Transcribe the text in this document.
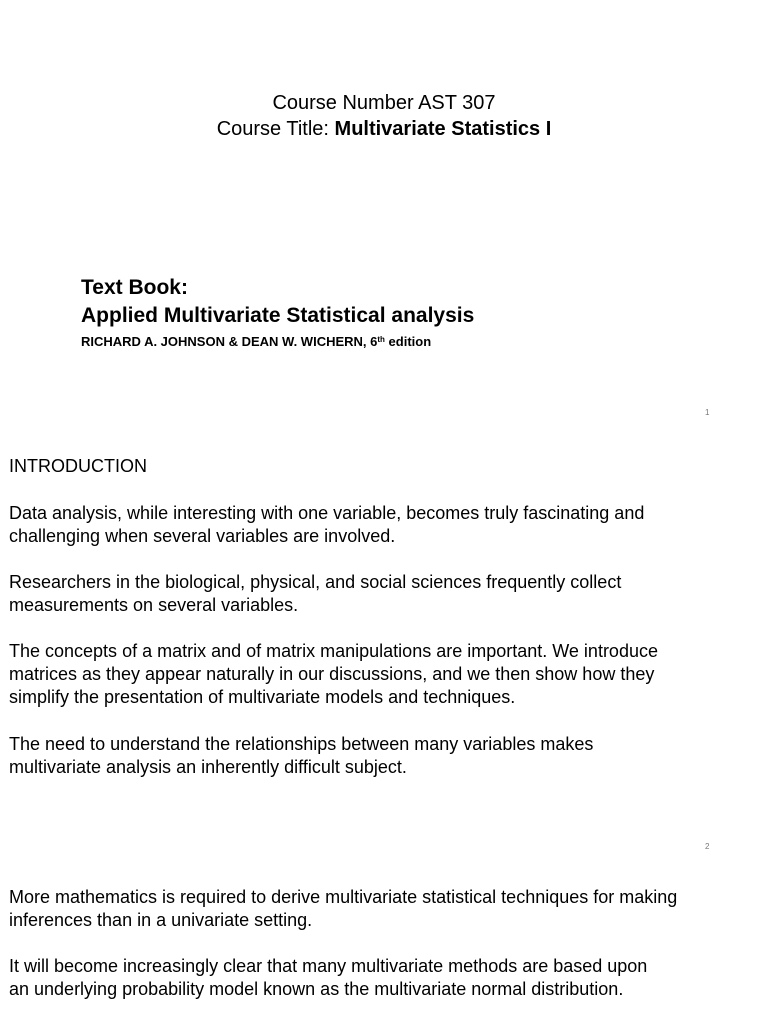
Course Number AST 307
Course Title: Multivariate Statistics I
Text Book:
Applied Multivariate Statistical analysis
RICHARD A. JOHNSON & DEAN W. WICHERN, 6th edition
1
INTRODUCTION
Data analysis, while interesting with one variable, becomes truly fascinating and
challenging when several variables are involved.
Researchers in the biological, physical, and social sciences frequently collect
measurements on several variables.
The concepts of a matrix and of matrix manipulations are important. We introduce
matrices as they appear naturally in our discussions, and we then show how they
simplify the presentation of multivariate models and techniques.
The need to understand the relationships between many variables makes
multivariate analysis an inherently difficult subject.
2
More mathematics is required to derive multivariate statistical techniques for making
inferences than in a univariate setting.
It will become increasingly clear that many multivariate methods are based upon
an underlying probability model known as the multivariate normal distribution.
